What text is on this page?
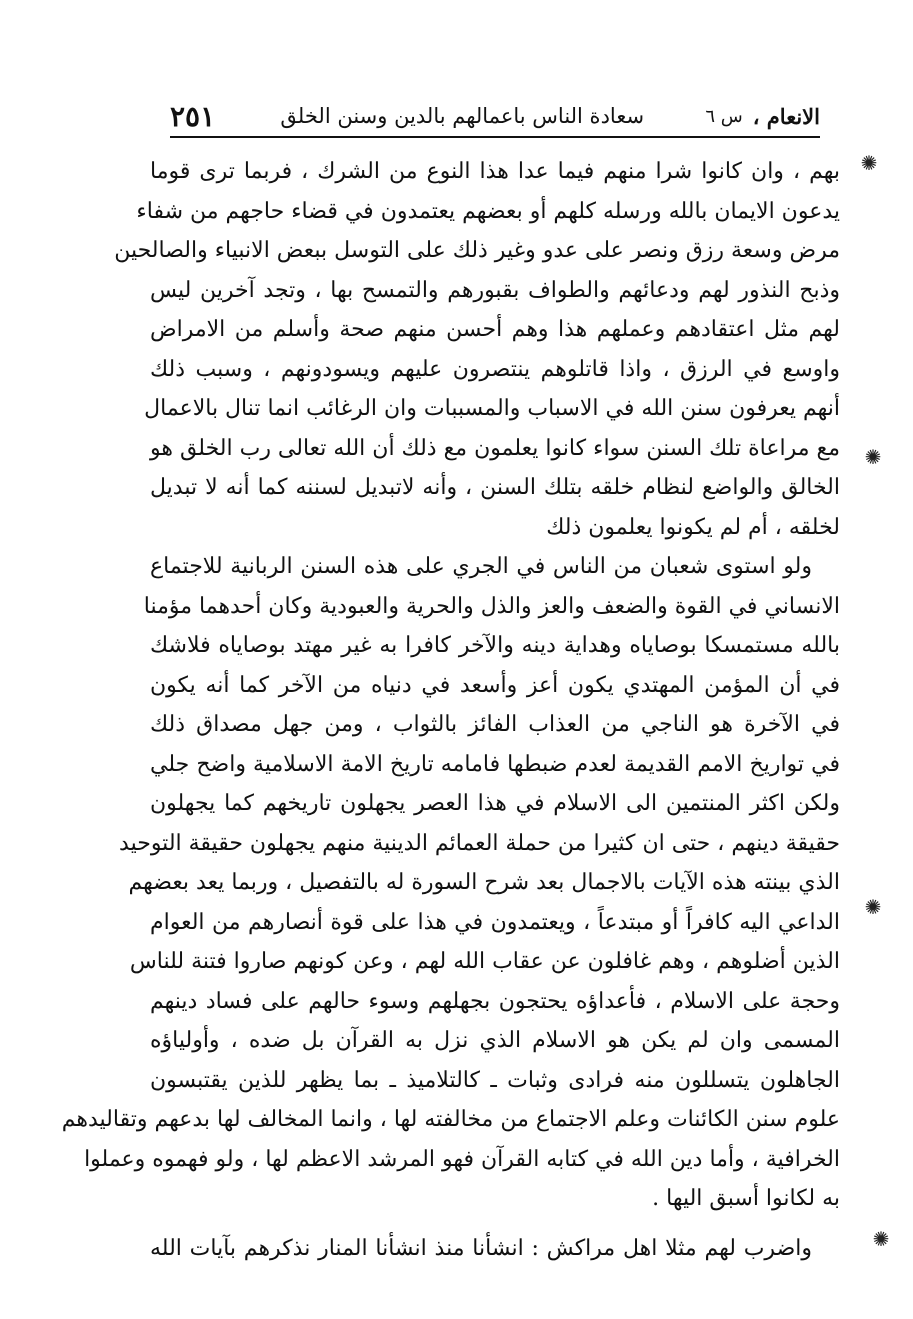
الانعام ،
س ٦
سعادة الناس باعمالهم بالدين وسنن الخلق
٢٥١
✺
✺
✺
✺
بهم ، وان كانوا شرا منهم فيما عدا هذا النوع من الشرك ، فربما ترى قوما
يدعون الايمان بالله ورسله كلهم أو بعضهم يعتمدون في قضاء حاجهم من شفاء
مرض وسعة رزق ونصر على عدو وغير ذلك على التوسل ببعض الانبياء والصالحين
وذبح النذور لهم ودعائهم والطواف بقبورهم والتمسح بها ، وتجد آخرين ليس
لهم مثل اعتقادهم وعملهم هذا وهم أحسن منهم صحة وأسلم من الامراض
واوسع في الرزق ، واذا قاتلوهم ينتصرون عليهم ويسودونهم ، وسبب ذلك
أنهم يعرفون سنن الله في الاسباب والمسببات وان الرغائب انما تنال بالاعمال
مع مراعاة تلك السنن سواء كانوا يعلمون مع ذلك أن الله تعالى رب الخلق هو
الخالق والواضع لنظام خلقه بتلك السنن ، وأنه لاتبديل لسننه كما أنه لا تبديل
لخلقه ، أم لم يكونوا يعلمون ذلك
ولو استوى شعبان من الناس في الجري على هذه السنن الربانية للاجتماع
الانساني في القوة والضعف والعز والذل والحرية والعبودية وكان أحدهما مؤمنا
بالله مستمسكا بوصاياه وهداية دينه والآخر كافرا به غير مهتد بوصاياه فلاشك
في أن المؤمن المهتدي يكون أعز وأسعد في دنياه من الآخر كما أنه يكون
في الآخرة هو الناجي من العذاب الفائز بالثواب ، ومن جهل مصداق ذلك
في تواريخ الامم القديمة لعدم ضبطها فامامه تاريخ الامة الاسلامية واضح جلي
ولكن اكثر المنتمين الى الاسلام في هذا العصر يجهلون تاريخهم كما يجهلون
حقيقة دينهم ، حتى ان كثيرا من حملة العمائم الدينية منهم يجهلون حقيقة التوحيد
الذي بينته هذه الآيات بالاجمال بعد شرح السورة له بالتفصيل ، وربما يعد بعضهم
الداعي اليه كافراً أو مبتدعاً ، ويعتمدون في هذا على قوة أنصارهم من العوام
الذين أضلوهم ، وهم غافلون عن عقاب الله لهم ، وعن كونهم صاروا فتنة للناس
وحجة على الاسلام ، فأعداؤه يحتجون بجهلهم وسوء حالهم على فساد دينهم
المسمى وان لم يكن هو الاسلام الذي نزل به القرآن بل ضده ، وأولياؤه
الجاهلون يتسللون منه فرادى وثبات ـ كالتلاميذ ـ بما يظهر للذين يقتبسون
علوم سنن الكائنات وعلم الاجتماع من مخالفته لها ، وانما المخالف لها بدعهم وتقاليدهم
الخرافية ، وأما دين الله في كتابه القرآن فهو المرشد الاعظم لها ، ولو فهموه وعملوا
به لكانوا أسبق اليها .
واضرب لهم مثلا اهل مراكش : انشأنا منذ انشأنا المنار نذكرهم بآيات الله
